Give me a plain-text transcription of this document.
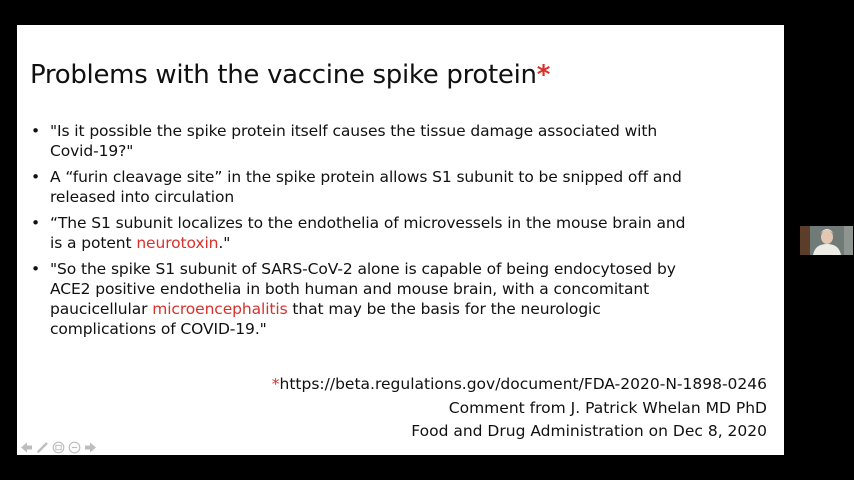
Problems with the vaccine spike protein*
• "Is it possible the spike protein itself causes the tissue damage associated with Covid-19?"
• A “furin cleavage site” in the spike protein allows S1 subunit to be snipped off and released into circulation
• “The S1 subunit localizes to the endothelia of microvessels in the mouse brain and is a potent neurotoxin."
• "So the spike S1 subunit of SARS-CoV-2 alone is capable of being endocytosed by ACE2 positive endothelia in both human and mouse brain, with a concomitant paucicellular microencephalitis that may be the basis for the neurologic complications of COVID-19."
*https://beta.regulations.gov/document/FDA-2020-N-1898-0246
Comment from J. Patrick Whelan MD PhD
Food and Drug Administration on Dec 8, 2020
